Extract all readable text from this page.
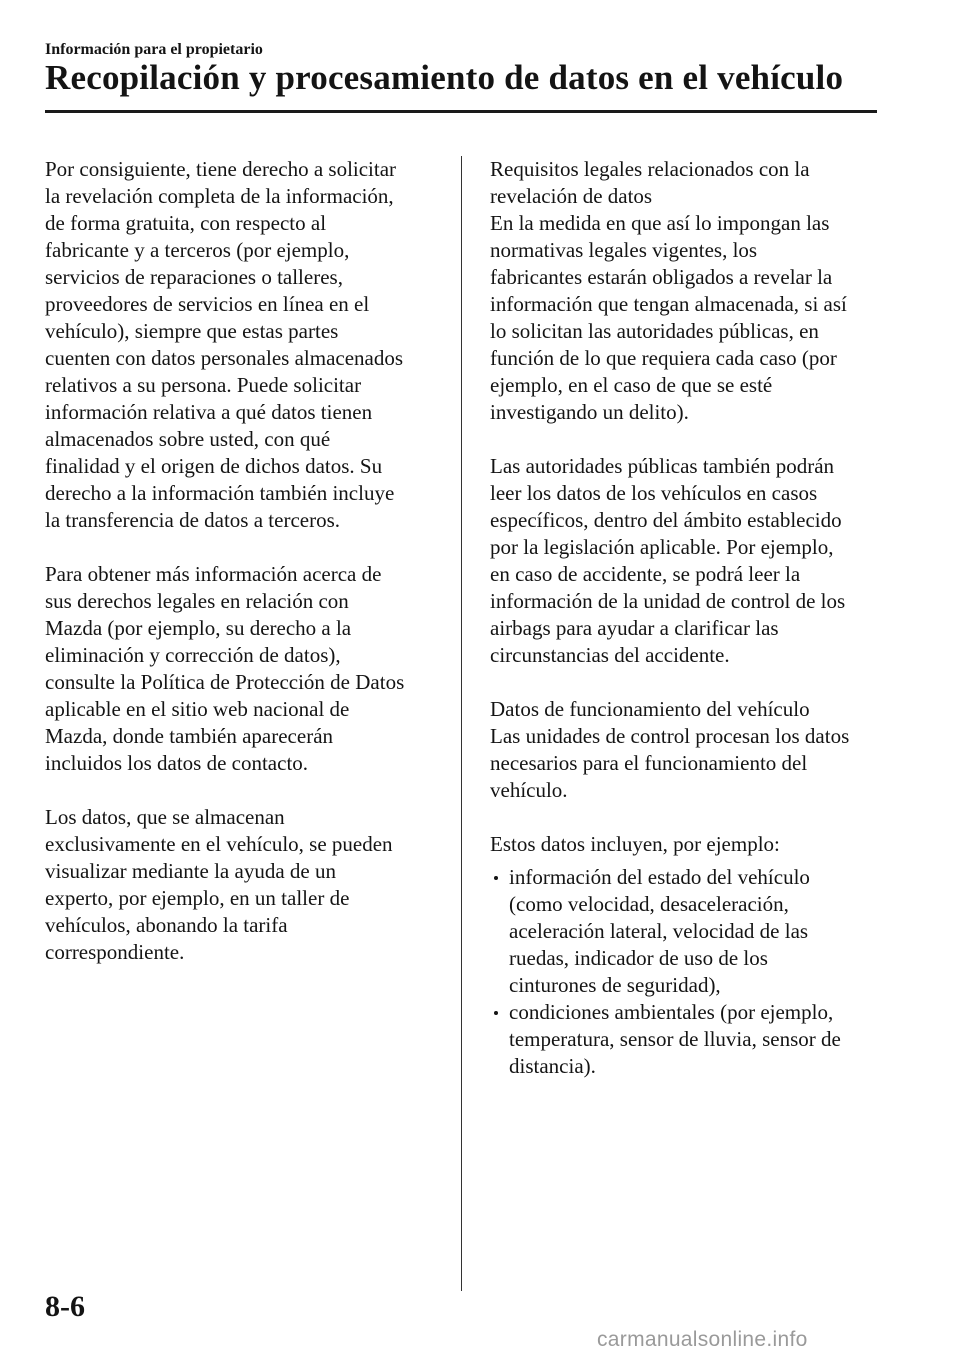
Información para el propietario

Recopilación y procesamiento de datos en el vehículo

Por consiguiente, tiene derecho a solicitar
la revelación completa de la información,
de forma gratuita, con respecto al
fabricante y a terceros (por ejemplo,
servicios de reparaciones o talleres,
proveedores de servicios en línea en el
vehículo), siempre que estas partes
cuenten con datos personales almacenados
relativos a su persona. Puede solicitar
información relativa a qué datos tienen
almacenados sobre usted, con qué
finalidad y el origen de dichos datos. Su
derecho a la información también incluye
la transferencia de datos a terceros.

Para obtener más información acerca de
sus derechos legales en relación con
Mazda (por ejemplo, su derecho a la
eliminación y corrección de datos),
consulte la Política de Protección de Datos
aplicable en el sitio web nacional de
Mazda, donde también aparecerán
incluidos los datos de contacto.

Los datos, que se almacenan
exclusivamente en el vehículo, se pueden
visualizar mediante la ayuda de un
experto, por ejemplo, en un taller de
vehículos, abonando la tarifa
correspondiente.

Requisitos legales relacionados con la
revelación de datos
En la medida en que así lo impongan las
normativas legales vigentes, los
fabricantes estarán obligados a revelar la
información que tengan almacenada, si así
lo solicitan las autoridades públicas, en
función de lo que requiera cada caso (por
ejemplo, en el caso de que se esté
investigando un delito).

Las autoridades públicas también podrán
leer los datos de los vehículos en casos
específicos, dentro del ámbito establecido
por la legislación aplicable. Por ejemplo,
en caso de accidente, se podrá leer la
información de la unidad de control de los
airbags para ayudar a clarificar las
circunstancias del accidente.

Datos de funcionamiento del vehículo
Las unidades de control procesan los datos
necesarios para el funcionamiento del
vehículo.

Estos datos incluyen, por ejemplo:

información del estado del vehículo
(como velocidad, desaceleración,
aceleración lateral, velocidad de las
ruedas, indicador de uso de los
cinturones de seguridad),
condiciones ambientales (por ejemplo,
temperatura, sensor de lluvia, sensor de
distancia).

8-6

carmanualsonline.info
